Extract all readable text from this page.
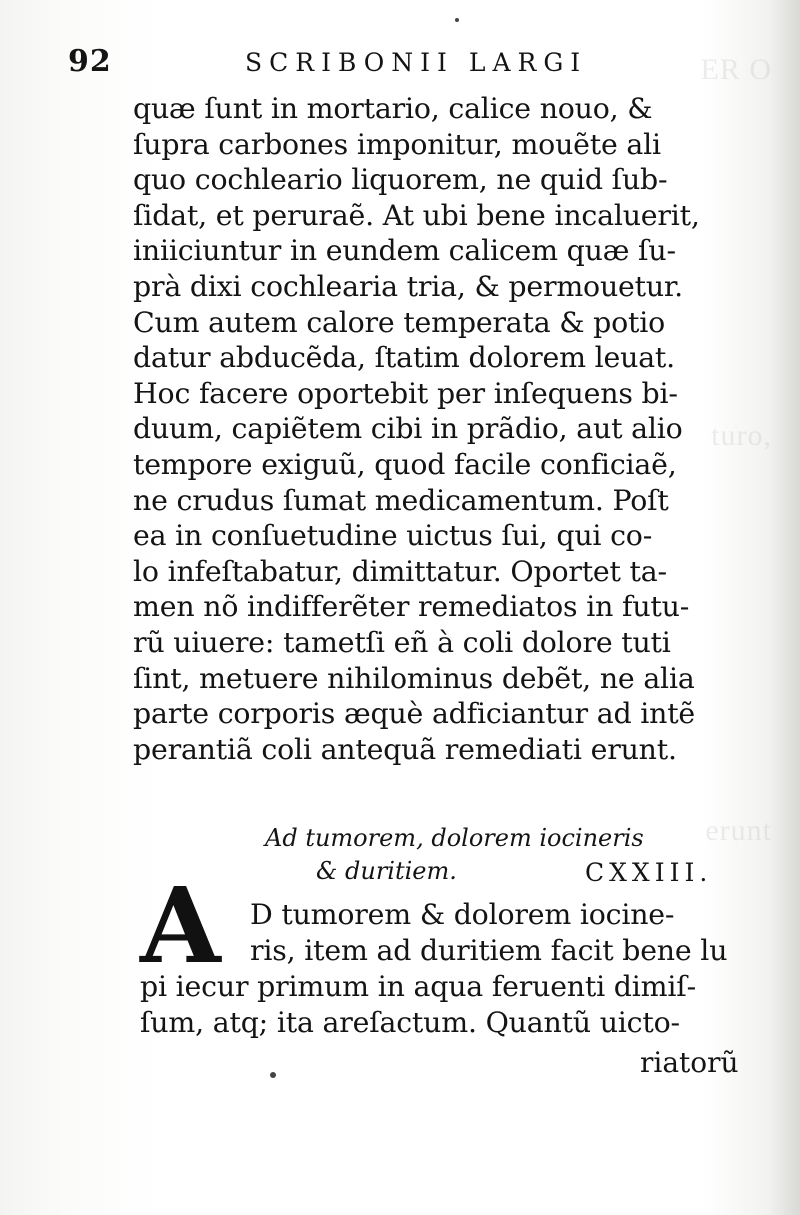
ER O
turo,
erunt
92	SCRIBONII LARGI
quæ ſunt in mortario, calice nouo, &
ſupra carbones imponitur, mouẽte ali
quo cochleario liquorem, ne quid ſub-
ſidat, et peruraẽ. At ubi bene incaluerit,
iniiciuntur in eundem calicem quæ ſu-
prà dixi cochlearia tria, & permouetur.
Cum autem calore temperata & potio
datur abducẽda, ſtatim dolorem leuat.
Hoc facere oportebit per inſequens bi-
duum, capiẽtem cibi in prãdio, aut alio
tempore exiguũ, quod facile conficiaẽ,
ne crudus ſumat medicamentum. Poſt
ea in conſuetudine uictus ſui, qui co-
lo infeſtabatur, dimittatur. Oportet ta-
men nõ indifferẽter remediatos in futu-
rũ uiuere: tametſi eñ à coli dolore tuti
ſint, metuere nihilominus debẽt, ne alia
parte corporis æquè adficiantur ad intẽ
perantiã coli antequã remediati erunt.
Ad tumorem, dolorem iocineris
& duritiem.	CXXIII.
A	D tumorem & dolorem iocine-
ris, item ad duritiem facit bene lu
pi iecur primum in aqua feruenti dimiſ-
ſum, atq; ita areſactum. Quantũ uicto-
riatorũ
